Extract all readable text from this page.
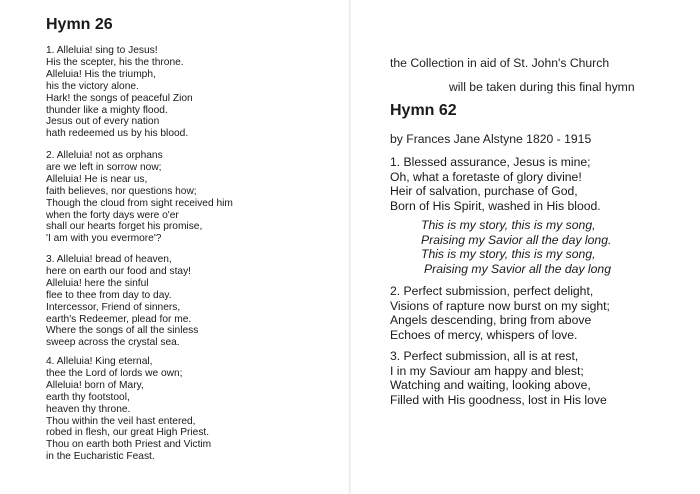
Hymn 26

1. Alleluia! sing to Jesus!
His the scepter, his the throne.
Alleluia! His the triumph,
his the victory alone.
Hark! the songs of peaceful Zion
thunder like a mighty flood.
Jesus out of every nation
hath redeemed us by his blood.

2. Alleluia! not as orphans
are we left in sorrow now;
Alleluia! He is near us,
faith believes, nor questions how;
Though the cloud from sight received him
when the forty days were o'er
shall our hearts forget his promise,
'I am with you evermore'?

3. Alleluia! bread of heaven,
here on earth our food and stay!
Alleluia! here the sinful
flee to thee from day to day.
Intercessor, Friend of sinners,
earth's Redeemer, plead for me.
Where the songs of all the sinless
sweep across the crystal sea.

4. Alleluia! King eternal,
thee the Lord of lords we own;
Alleluia! born of Mary,
earth thy footstool,
heaven thy throne.
Thou within the veil hast entered,
robed in flesh, our great High Priest.
Thou on earth both Priest and Victim
in the Eucharistic Feast.

the Collection in aid of St. John's Church

will be taken during this final hymn

Hymn 62

by Frances Jane Alstyne 1820 - 1915

1. Blessed assurance, Jesus is mine;
Oh, what a foretaste of glory divine!
Heir of salvation, purchase of God,
Born of His Spirit, washed in His blood.

This is my story, this is my song,
Praising my Savior all the day long.
This is my story, this is my song,
Praising my Savior all the day long

2. Perfect submission, perfect delight,
Visions of rapture now burst on my sight;
Angels descending, bring from above
Echoes of mercy, whispers of love.

3. Perfect submission, all is at rest,
I in my Saviour am happy and blest;
Watching and waiting, looking above,
Filled with His goodness, lost in His love
